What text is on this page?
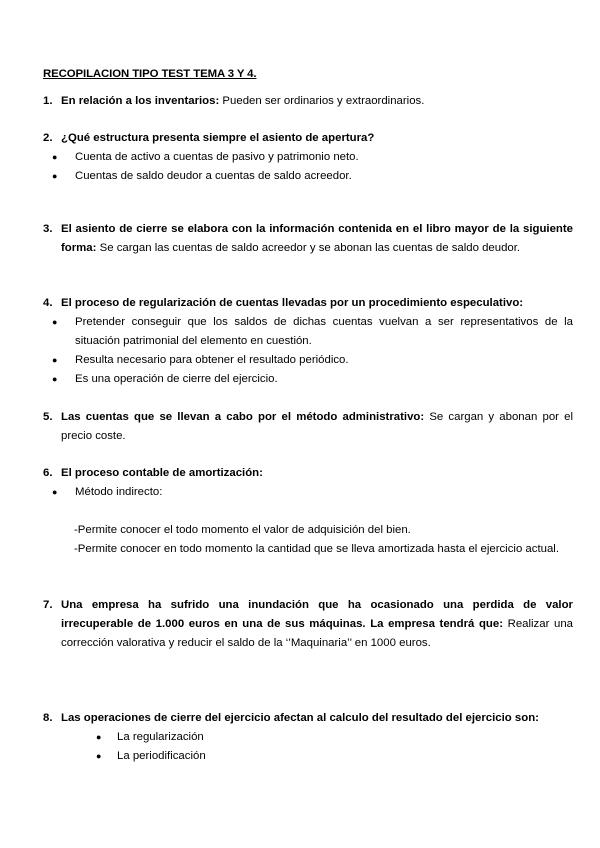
RECOPILACION TIPO TEST TEMA 3 Y 4.
1. En relación a los inventarios: Pueden ser ordinarios y extraordinarios.
2. ¿Qué estructura presenta siempre el asiento de apertura?
● Cuenta de activo a cuentas de pasivo y patrimonio neto.
● Cuentas de saldo deudor a cuentas de saldo acreedor.
3. El asiento de cierre se elabora con la información contenida en el libro mayor de la siguiente forma: Se cargan las cuentas de saldo acreedor y se abonan las cuentas de saldo deudor.
4. El proceso de regularización de cuentas llevadas por un procedimiento especulativo:
● Pretender conseguir que los saldos de dichas cuentas vuelvan a ser representativos de la situación patrimonial del elemento en cuestión.
● Resulta necesario para obtener el resultado periódico.
● Es una operación de cierre del ejercicio.
5. Las cuentas que se llevan a cabo por el método administrativo: Se cargan y abonan por el precio coste.
6. El proceso contable de amortización:
● Método indirecto:
-Permite conocer el todo momento el valor de adquisición del bien.
-Permite conocer en todo momento la cantidad que se lleva amortizada hasta el ejercicio actual.
7. Una empresa ha sufrido una inundación que ha ocasionado una perdida de valor irrecuperable de 1.000 euros en una de sus máquinas. La empresa tendrá que: Realizar una corrección valorativa y reducir el saldo de la ‘’Maquinaria’’ en 1000 euros.
8. Las operaciones de cierre del ejercicio afectan al calculo del resultado del ejercicio son:
● La regularización
● La periodificación
